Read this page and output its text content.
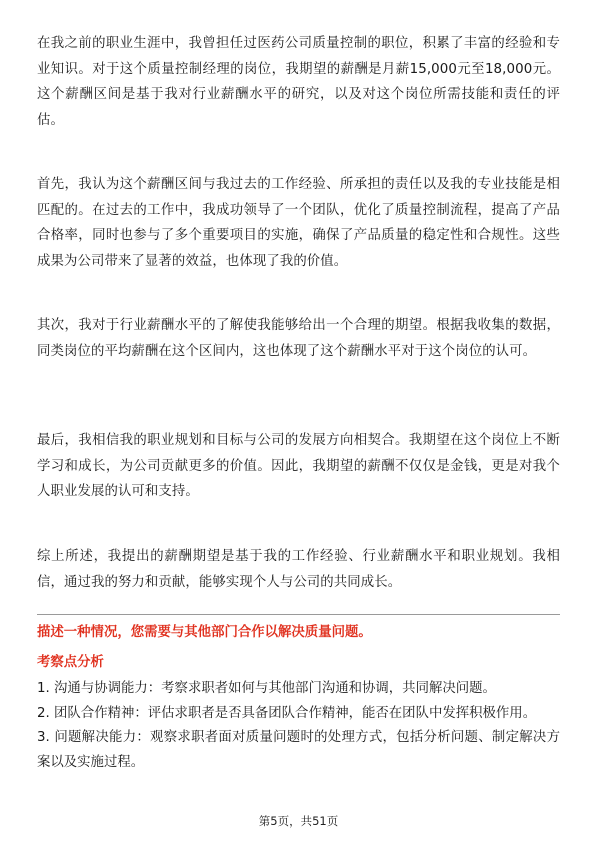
在我之前的职业生涯中，我曾担任过医药公司质量控制的职位，积累了丰富的经验和专业知识。对于这个质量控制经理的岗位，我期望的薪酬是月薪15,000元至18,000元。这个薪酬区间是基于我对行业薪酬水平的研究，以及对这个岗位所需技能和责任的评估。

首先，我认为这个薪酬区间与我过去的工作经验、所承担的责任以及我的专业技能是相匹配的。在过去的工作中，我成功领导了一个团队，优化了质量控制流程，提高了产品合格率，同时也参与了多个重要项目的实施，确保了产品质量的稳定性和合规性。这些成果为公司带来了显著的效益，也体现了我的价值。

其次，我对于行业薪酬水平的了解使我能够给出一个合理的期望。根据我收集的数据，同类岗位的平均薪酬在这个区间内，这也体现了这个薪酬水平对于这个岗位的认可。

最后，我相信我的职业规划和目标与公司的发展方向相契合。我期望在这个岗位上不断学习和成长，为公司贡献更多的价值。因此，我期望的薪酬不仅仅是金钱，更是对我个人职业发展的认可和支持。

综上所述，我提出的薪酬期望是基于我的工作经验、行业薪酬水平和职业规划。我相信，通过我的努力和贡献，能够实现个人与公司的共同成长。

描述一种情况，您需要与其他部门合作以解决质量问题。
考察点分析

1. 沟通与协调能力：考察求职者如何与其他部门沟通和协调，共同解决问题。

2. 团队合作精神：评估求职者是否具备团队合作精神，能否在团队中发挥积极作用。

3. 问题解决能力：观察求职者面对质量问题时的处理方式，包括分析问题、制定解决方案以及实施过程。

第5页，共51页
